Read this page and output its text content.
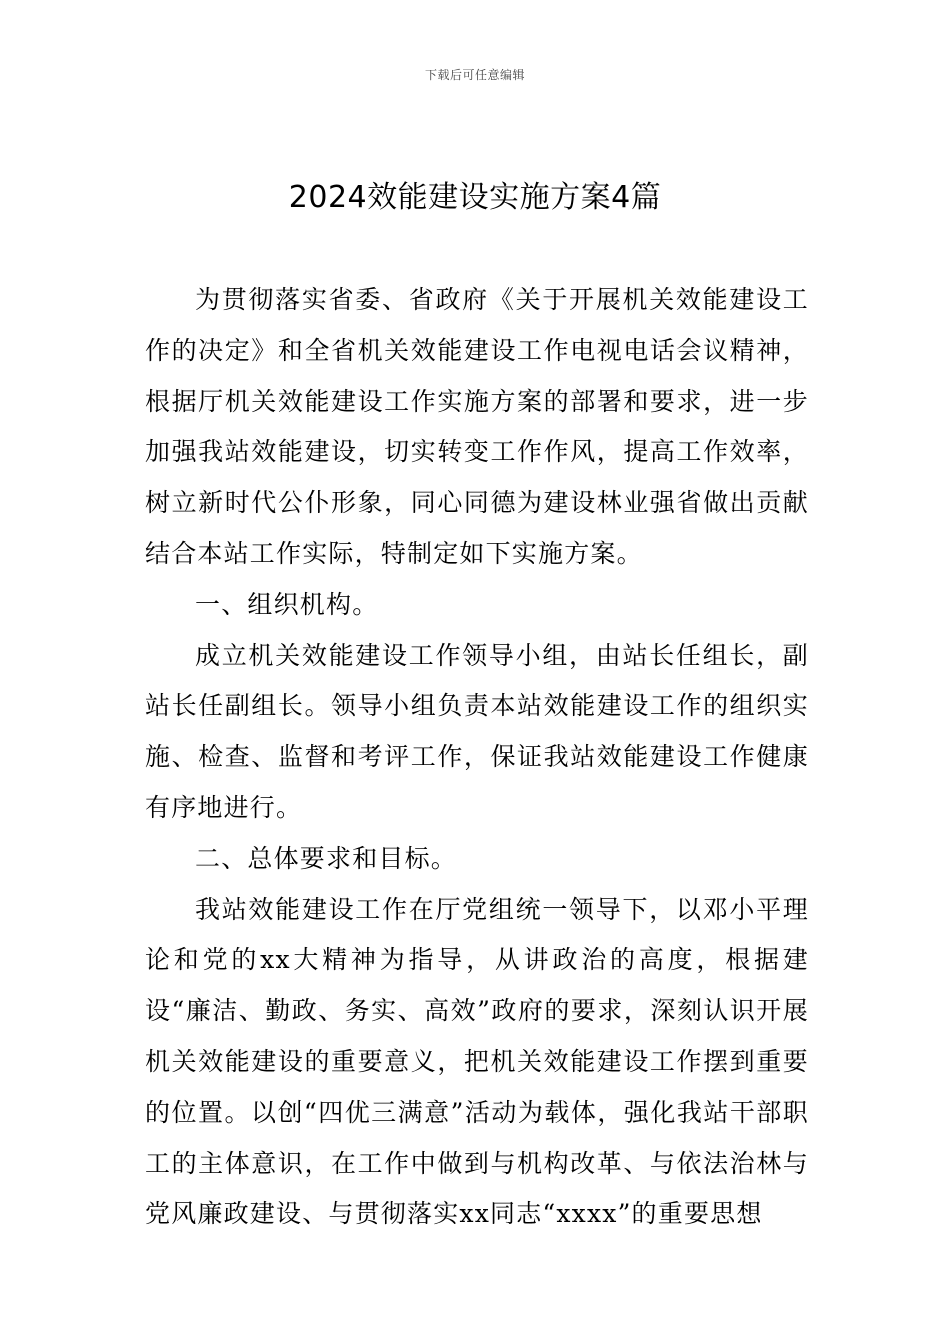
下载后可任意编辑
2024效能建设实施方案4篇

为贯彻落实省委、省政府《关于开展机关效能建设工作的决定》和全省机关效能建设工作电视电话会议精神，根据厅机关效能建设工作实施方案的部署和要求，进一步加强我站效能建设，切实转变工作作风，提高工作效率，树立新时代公仆形象，同心同德为建设林业强省做出贡献结合本站工作实际，特制定如下实施方案。

一、组织机构。

成立机关效能建设工作领导小组，由站长任组长，副站长任副组长。领导小组负责本站效能建设工作的组织实施、检查、监督和考评工作，保证我站效能建设工作健康有序地进行。

二、总体要求和目标。

我站效能建设工作在厅党组统一领导下，以邓小平理论和党的xx大精神为指导，从讲政治的高度，根据建设“廉洁、勤政、务实、高效”政府的要求，深刻认识开展机关效能建设的重要意义，把机关效能建设工作摆到重要的位置。以创“四优三满意”活动为载体，强化我站干部职工的主体意识，在工作中做到与机构改革、与依法治林与党风廉政建设、与贯彻落实xx同志“xxxx”的重要思想
